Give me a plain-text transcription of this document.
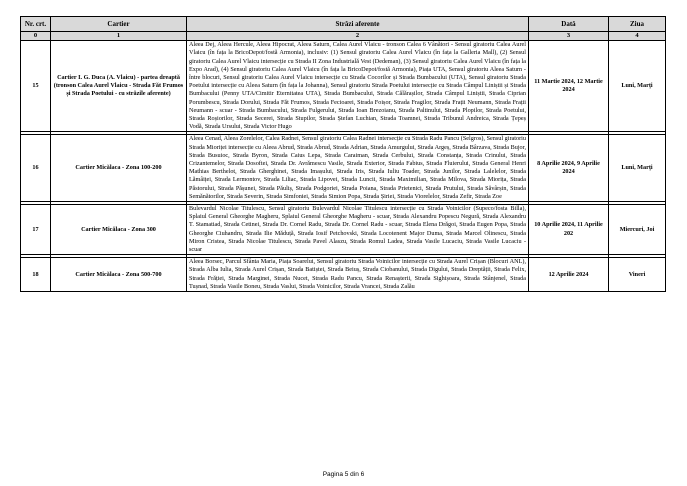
Nr. crt.	Cartier	Străzi aferente	Dată	Ziua
0	1	2	3	4
15	Cartier I. G. Duca (A. Vlaicu) - partea dreaptă (tronson Calea Aurel Vlaicu - Strada Făt Frumos și Strada Poetului - cu străzile aferente)	Aleea Dej, Aleea Hercule, Aleea Hipocrat, Aleea Saturn, Calea Aurel Vlaicu - tronson Calea 6 Vânători - Sensul giratoriu Calea Aurel Vlaicu (în fața la BricoDepot/fostă Armonia), inclusiv: (1) Sensul giratoriu Calea Aurel Vlaicu (în fața la Galleria Mall), (2) Sensul giratoriu Calea Aurel Vlaicu intersecție cu Strada II Zona Industrială Vest (Dedeman), (3) Sensul giratoriu Calea Aurel Vlaicu (în fața la Expo Arad), (4) Sensul giratoriu Calea Aurel Vlaicu (în fața la BricoDepot/fostă Armonia), Piața UTA, Sensul giratoriu Aleea Saturn - între blocuri, Sensul giratoriu Calea Aurel Vlaicu intersecție cu Strada Cocorilor și Strada Bumbacului (UTA), Sensul giratoriu Strada Poetului intersecție cu Aleea Saturn (în fața la Johanna), Sensul giratoriu Strada Poetului intersecție cu Strada Câmpul Liniștii și Strada Bumbacului (Penny UTA/Cimitir Eternitatea UTA), Strada Bumbacului, Strada Călărașilor, Strada Câmpul Liniștii, Strada Ciprian Porumbescu, Strada Dorului, Strada Făt Frumos, Strada Fecioarei, Strada Foișor, Strada Fragilor, Strada Frații Neumann, Strada Frații Neumann - scuar - Strada Bumbacului, Strada Fulgerului, Strada Ioan Brezoianu, Strada Paltinului, Strada Plopilor, Strada Poetului, Strada Roșiorilor, Strada Secerei, Strada Stupilor, Strada Ștefan Luchian, Strada Toamnei, Strada Tribunul Andreica, Strada Țepeș Vodă, Strada Ursului, Strada Victor Hugo	11 Martie 2024, 12 Martie 2024	Luni, Marți

16	Cartier Micălaca - Zona 100-200	Aleea Cenad, Aleea Zorelelor, Calea Radnei, Sensul giratoriu Calea Radnei intersecție cu Strada Radu Pancu (Selgros), Sensul giratoriu Strada Mioriței intersecție cu Aleea Abrud, Strada Abrud, Strada Adrian, Strada Amurgului, Strada Argeș, Strada Bârzava, Strada Bujor, Strada Busuioc, Strada Byron, Strada Caius Lepa, Strada Caraiman, Strada Cerbului, Strada Constanța, Strada Crinului, Strada Crizantemelor, Strada Dosoftei, Strada Dr. Avrămescu Vasile, Strada Exterior, Strada Fabius, Strada Fluierului, Strada General Henri Mathias Berthelot, Strada Gherghinei, Strada Imașului, Strada Iris, Strada Iuliu Toader, Strada Junilor, Strada Lalelelor, Strada Lămâiței, Strada Lermontov, Strada Liliac, Strada Lipovei, Strada Luncii, Strada Maximilian, Strada Milova, Strada Miorița, Strada Păstorului, Strada Pășunei, Strada Păuliș, Strada Podgoriei, Strada Poiana, Strada Prietenici, Strada Prutului, Strada Săvârșin, Strada Semănătorilor, Strada Severin, Strada Simfoniei, Strada Simion Popa, Strada Șiriei, Strada Viorelelor, Strada Zefir, Strada Zoe	8 Aprilie 2024, 9 Aprilie 2024	Luni, Marți

17	Cartier Micălaca - Zona 300	Bulevardul Nicolae Titulescu, Sensul giratoriu Bulevardul Nicolae Titulescu intersecție cu Strada Voinicilor (Supeco/fosta Billa), Splaiul General Gheorghe Magheru, Splaiul General Gheorghe Magheru - scuar, Strada Alexandru Popescu Negură, Strada Alexandru T. Stamatiad, Strada Cetinei, Strada Dr. Cornel Radu, Strada Dr. Cornel Radu - scuar, Strada Elena Drăgoi, Strada Eugen Popa, Strada Gheorghe Ciuhandru, Strada Ilie Măduță, Strada Iosif Petchovski, Strada Locotenent Major Duma, Strada Marcel Olinescu, Strada Miron Cristea, Strada Nicolae Titulescu, Strada Pavel Alaszu, Strada Romul Ladea, Strada Vasile Lucaciu, Strada Vasile Lucaciu - scuar	10 Aprilie 2024, 11 Aprilie 202	Miercuri, Joi

18	Cartier Micălaca - Zona 500-700	Aleea Borsec, Parcul Sfânta Maria, Piața Soarelui, Sensul giratoriu Strada Voinicilor intersecție cu Strada Aurel Crișan (Blocuri ANL), Strada Alba Iulia, Strada Aurel Crișan, Strada Batiștei, Strada Beiuș, Strada Ciobanului, Strada Digului, Strada Dreptății, Strada Felix, Strada Frăției, Strada Marginei, Strada Nucet, Strada Radu Pancu, Strada Renașterii, Strada Sighișoara, Strada Stânjenel, Strada Tușnad, Strada Vasile Boneu, Strada Vaslui, Strada Voinicilor, Strada Vrancei, Strada Zalău	12 Aprilie 2024	Vineri
Pagina 5 din 6
